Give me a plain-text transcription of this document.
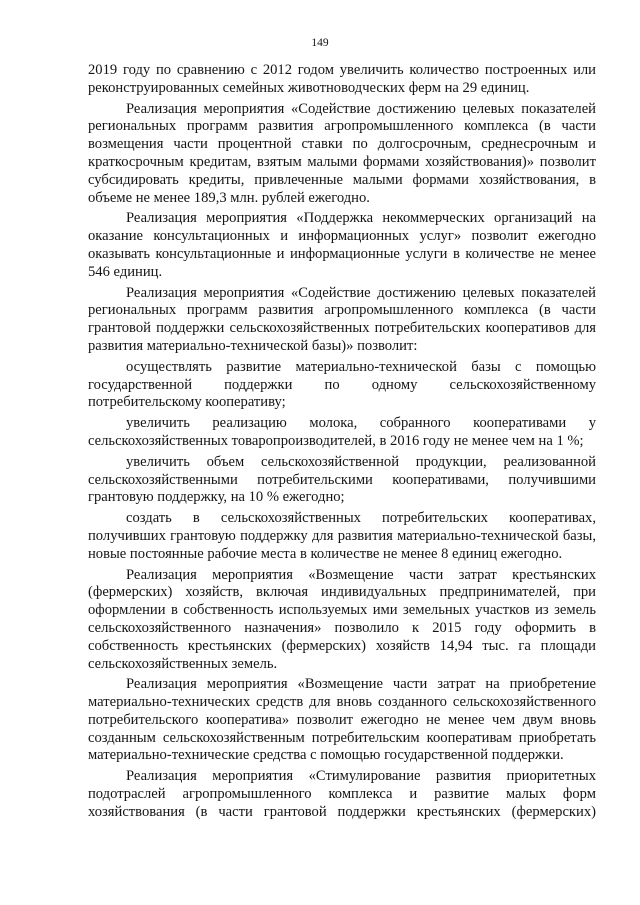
149

2019 году по сравнению с 2012 годом увеличить количество построенных или реконструированных семейных животноводческих ферм на 29 единиц.

Реализация мероприятия «Содействие достижению целевых показателей региональных программ развития агропромышленного комплекса (в части возмещения части процентной ставки по долгосрочным, среднесрочным и краткосрочным кредитам, взятым малыми формами хозяйствования)» позволит субсидировать кредиты, привлеченные малыми формами хозяйствования, в объеме не менее 189,3 млн. рублей ежегодно.

Реализация мероприятия «Поддержка некоммерческих организаций на оказание консультационных и информационных услуг» позволит ежегодно оказывать консультационные и информационные услуги в количестве не менее 546 единиц.

Реализация мероприятия «Содействие достижению целевых показателей региональных программ развития агропромышленного комплекса (в части грантовой поддержки сельскохозяйственных потребительских кооперативов для развития материально-технической базы)» позволит:

осуществлять развитие материально-технической базы с помощью государственной поддержки по одному сельскохозяйственному потребительскому кооперативу;

увеличить реализацию молока, собранного кооперативами у сельскохозяйственных товаропроизводителей, в 2016 году не менее чем на 1 %;

увеличить объем сельскохозяйственной продукции, реализованной сельскохозяйственными потребительскими кооперативами, получившими грантовую поддержку, на 10 % ежегодно;

создать в сельскохозяйственных потребительских кооперативах, получивших грантовую поддержку для развития материально-технической базы, новые постоянные рабочие места в количестве не менее 8 единиц ежегодно.

Реализация мероприятия «Возмещение части затрат крестьянских (фермерских) хозяйств, включая индивидуальных предпринимателей, при оформлении в собственность используемых ими земельных участков из земель сельскохозяйственного назначения» позволило к 2015 году оформить в собственность крестьянских (фермерских) хозяйств 14,94 тыс. га площади сельскохозяйственных земель.

Реализация мероприятия «Возмещение части затрат на приобретение материально-технических средств для вновь созданного сельскохозяйственного потребительского кооператива» позволит ежегодно не менее чем двум вновь созданным сельскохозяйственным потребительским кооперативам приобретать материально-технические средства с помощью государственной поддержки.

Реализация мероприятия «Стимулирование развития приоритетных подотраслей агропромышленного комплекса и развитие малых форм хозяйствования (в части грантовой поддержки крестьянских (фермерских)
